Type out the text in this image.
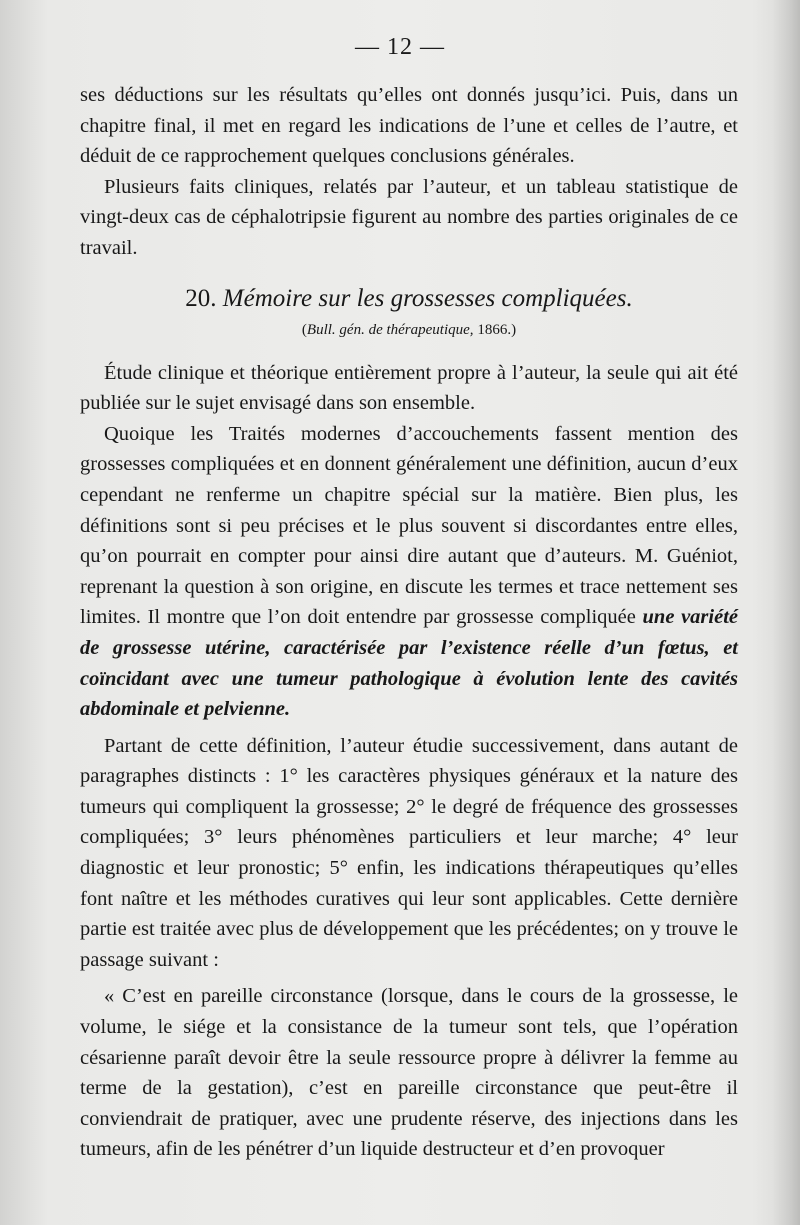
— 12 —

ses déductions sur les résultats qu’elles ont donnés jusqu’ici. Puis, dans un chapitre final, il met en regard les indications de l’une et celles de l’autre, et déduit de ce rapprochement quelques conclusions générales.

Plusieurs faits cliniques, relatés par l’auteur, et un tableau statistique de vingt-deux cas de céphalotripsie figurent au nombre des parties originales de ce travail.

20. Mémoire sur les grossesses compliquées.

(Bull. gén. de thérapeutique, 1866.)

Étude clinique et théorique entièrement propre à l’auteur, la seule qui ait été publiée sur le sujet envisagé dans son ensemble.

Quoique les Traités modernes d’accouchements fassent mention des grossesses compliquées et en donnent généralement une définition, aucun d’eux cependant ne renferme un chapitre spécial sur la matière. Bien plus, les définitions sont si peu précises et le plus souvent si discordantes entre elles, qu’on pourrait en compter pour ainsi dire autant que d’auteurs. M. Guéniot, reprenant la question à son origine, en discute les termes et trace nettement ses limites. Il montre que l’on doit entendre par grossesse compliquée une variété de grossesse utérine, caractérisée par l’existence réelle d’un fœtus, et coïncidant avec une tumeur pathologique à évolution lente des cavités abdominale et pelvienne.

Partant de cette définition, l’auteur étudie successivement, dans autant de paragraphes distincts : 1° les caractères physiques généraux et la nature des tumeurs qui compliquent la grossesse; 2° le degré de fréquence des grossesses compliquées; 3° leurs phénomènes particuliers et leur marche; 4° leur diagnostic et leur pronostic; 5° enfin, les indications thérapeutiques qu’elles font naître et les méthodes curatives qui leur sont applicables. Cette dernière partie est traitée avec plus de développement que les précédentes; on y trouve le passage suivant :

« C’est en pareille circonstance (lorsque, dans le cours de la grossesse, le volume, le siége et la consistance de la tumeur sont tels, que l’opération césarienne paraît devoir être la seule ressource propre à délivrer la femme au terme de la gestation), c’est en pareille circonstance que peut-être il conviendrait de pratiquer, avec une prudente réserve, des injections dans les tumeurs, afin de les pénétrer d’un liquide destructeur et d’en provoquer
